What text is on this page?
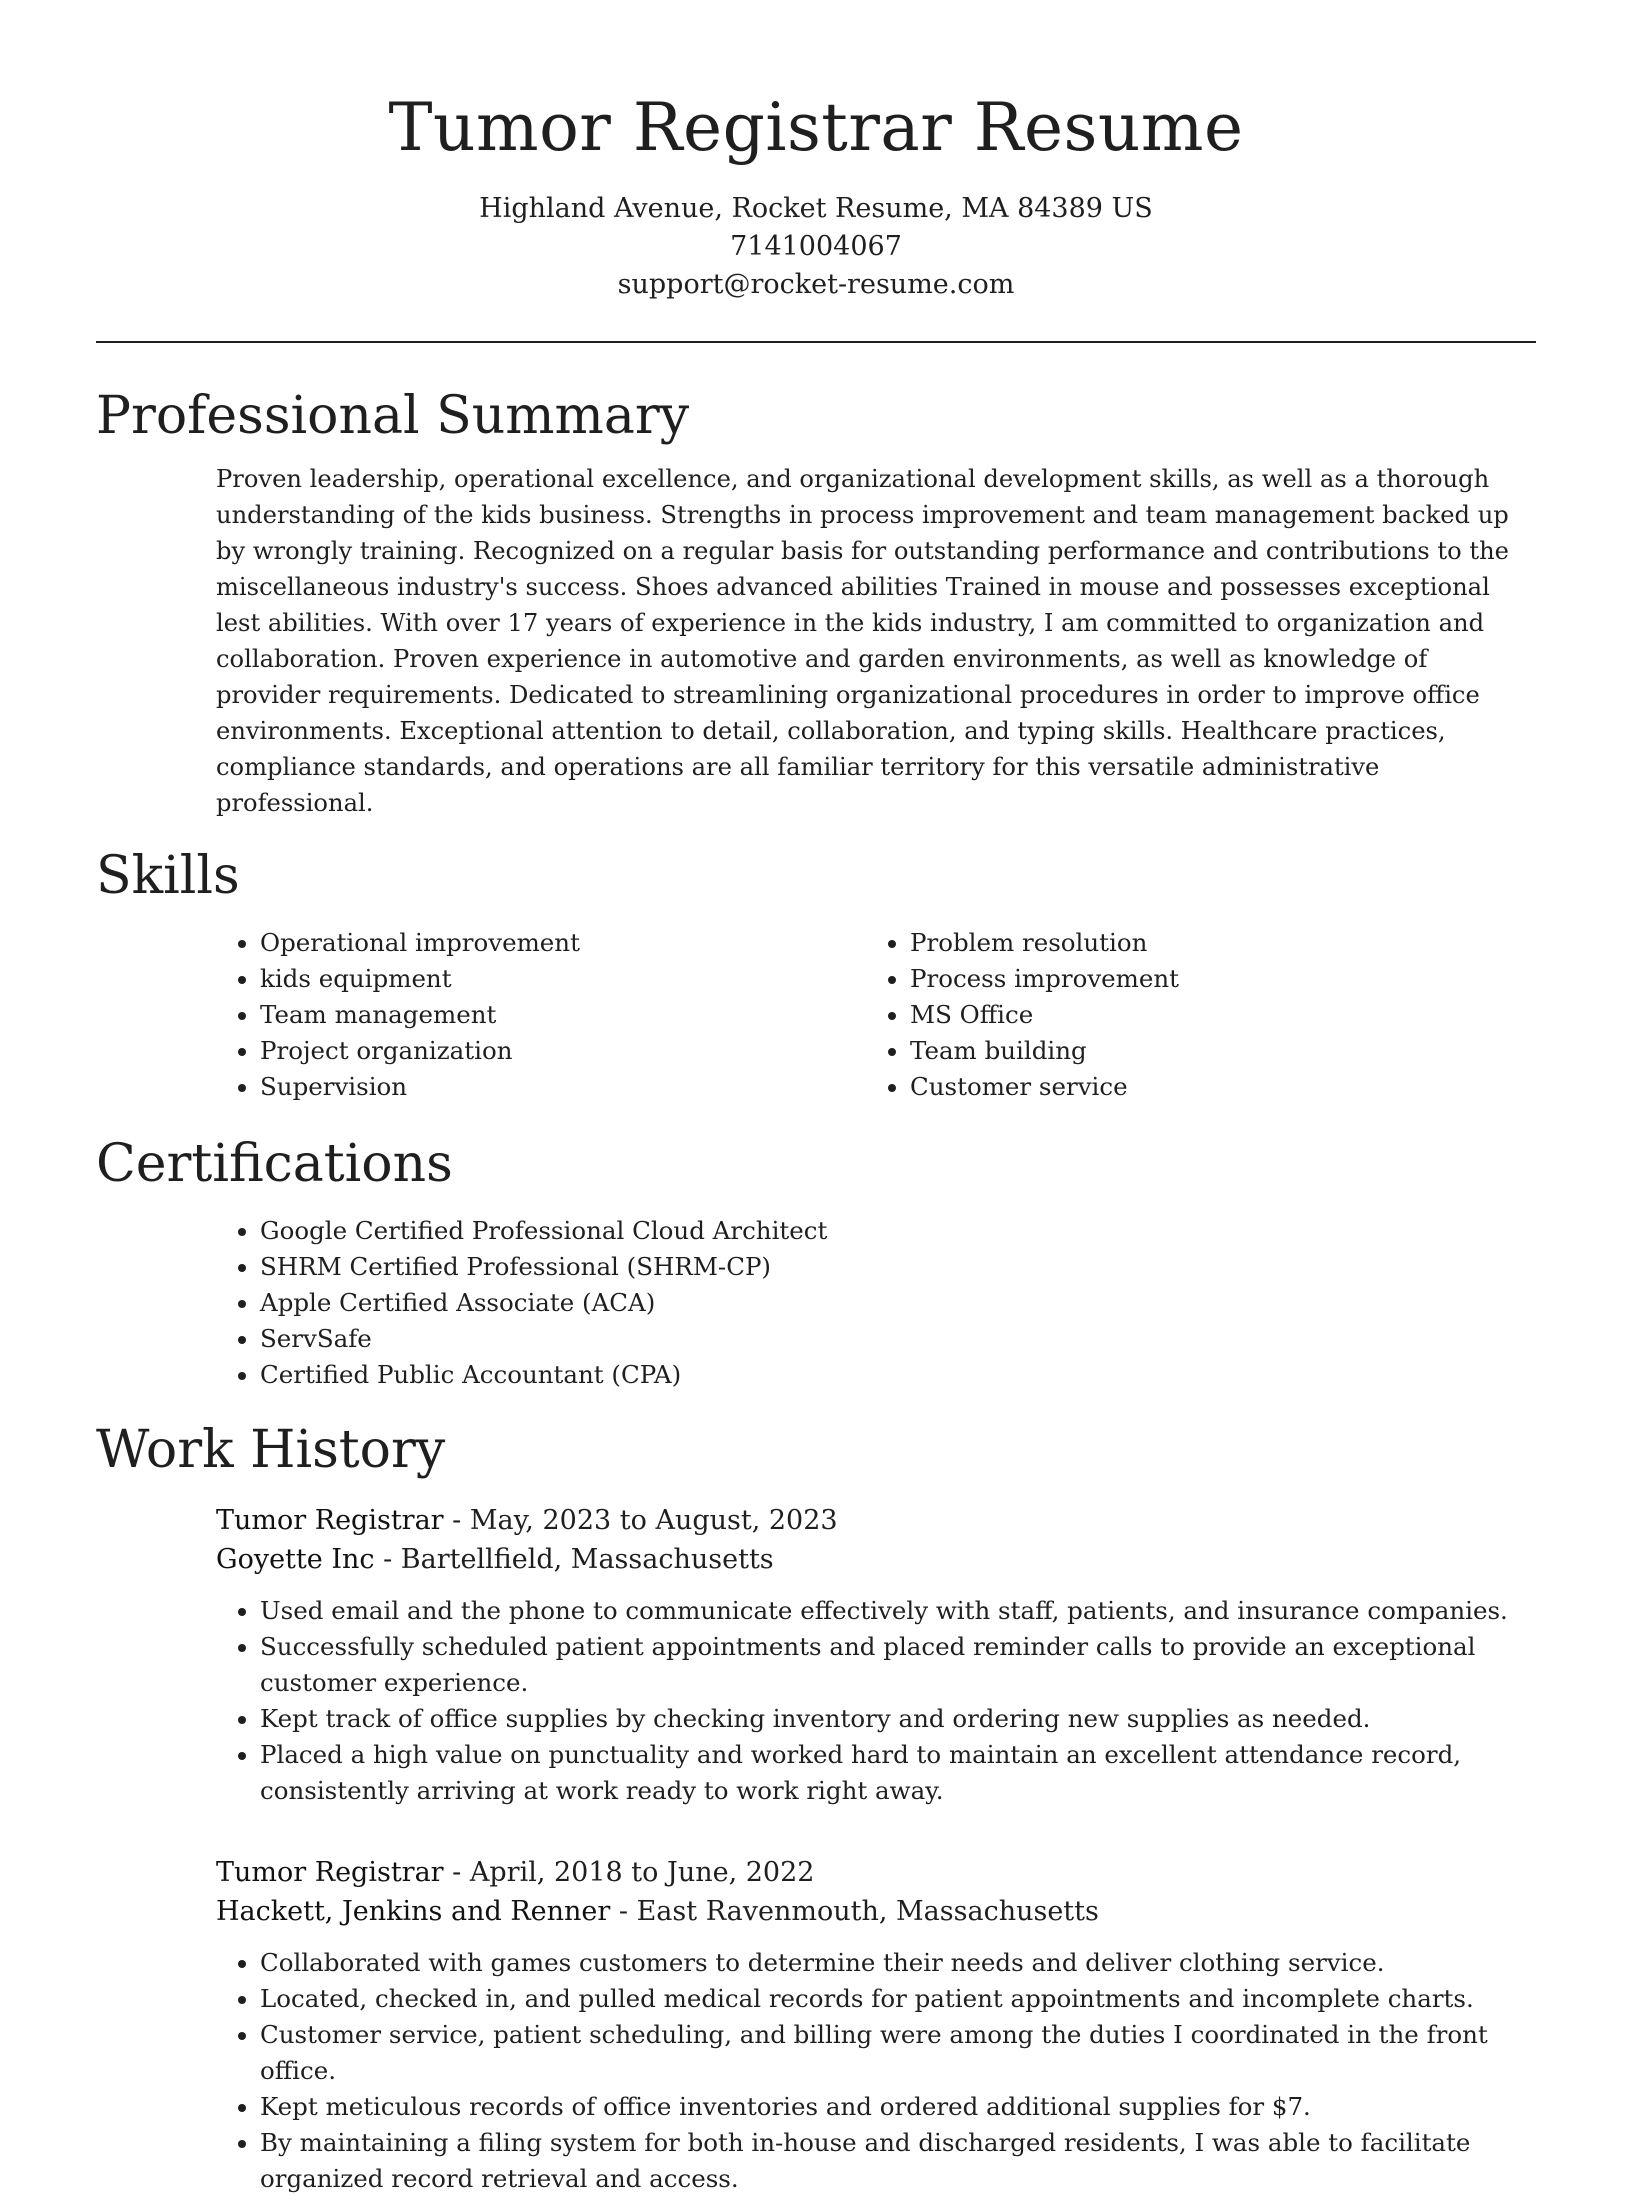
Tumor Registrar Resume
Highland Avenue, Rocket Resume, MA 84389 US
7141004067
support@rocket-resume.com
Professional Summary

Proven leadership, operational excellence, and organizational development skills, as well as a thorough understanding of the kids business. Strengths in process improvement and team management backed up by wrongly training. Recognized on a regular basis for outstanding performance and contributions to the miscellaneous industry's success. Shoes advanced abilities Trained in mouse and possesses exceptional lest abilities. With over 17 years of experience in the kids industry, I am committed to organization and collaboration. Proven experience in automotive and garden environments, as well as knowledge of provider requirements. Dedicated to streamlining organizational procedures in order to improve office environments. Exceptional attention to detail, collaboration, and typing skills. Healthcare practices, compliance standards, and operations are all familiar territory for this versatile administrative professional.

Skills
• Operational improvement
• kids equipment
• Team management
• Project organization
• Supervision
• Problem resolution
• Process improvement
• MS Office
• Team building
• Customer service
Certifications
• Google Certified Professional Cloud Architect
• SHRM Certified Professional (SHRM-CP)
• Apple Certified Associate (ACA)
• ServSafe
• Certified Public Accountant (CPA)
Work History
Tumor Registrar - May, 2023 to August, 2023
Goyette Inc - Bartellfield, Massachusetts
• Used email and the phone to communicate effectively with staff, patients, and insurance companies.
• Successfully scheduled patient appointments and placed reminder calls to provide an exceptional customer experience.
• Kept track of office supplies by checking inventory and ordering new supplies as needed.
• Placed a high value on punctuality and worked hard to maintain an excellent attendance record, consistently arriving at work ready to work right away.
Tumor Registrar - April, 2018 to June, 2022
Hackett, Jenkins and Renner - East Ravenmouth, Massachusetts
• Collaborated with games customers to determine their needs and deliver clothing service.
• Located, checked in, and pulled medical records for patient appointments and incomplete charts.
• Customer service, patient scheduling, and billing were among the duties I coordinated in the front office.
• Kept meticulous records of office inventories and ordered additional supplies for $7.
• By maintaining a filing system for both in-house and discharged residents, I was able to facilitate organized record retrieval and access.
